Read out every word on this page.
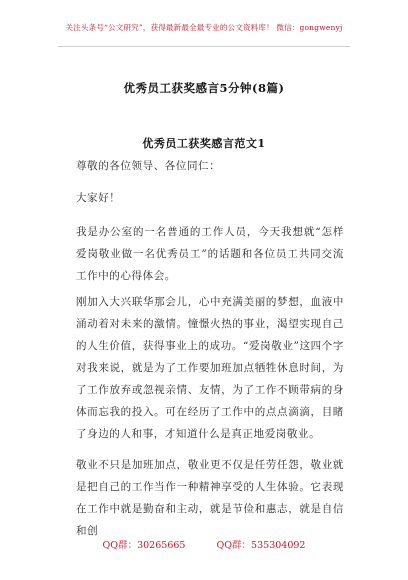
关注头条号“公文研究”，获得最新最全最专业的公文资料库！ 微信：gongwenyj
优秀员工获奖感言5分钟(8篇)
优秀员工获奖感言范文1
尊敬的各位领导、各位同仁：
大家好！
我是办公室的一名普通的工作人员，今天我想就“怎样爱岗敬业做一名优秀员工”的话题和各位员工共同交流工作中的心得体会。
刚加入大兴联华那会儿，心中充满美丽的梦想，血液中涌动着对未来的激情。憧憬火热的事业，渴望实现自己的人生价值，获得事业上的成功。“爱岗敬业”这四个字对我来说，就是为了工作要加班加点牺牲休息时间，为了工作放弃或忽视亲情、友情，为了工作不顾带病的身体而忘我的投入。可在经历了工作中的点点滴滴，目睹了身边的人和事，才知道什么是真正地爱岗敬业。
敬业不只是加班加点，敬业更不仅是任劳任怨，敬业就是把自己的工作当作一种精神享受的人生体验。它表现在工作中就是勤奋和主动，就是节俭和惠志，就是自信和创
QQ群：30265665	QQ群：535304092
